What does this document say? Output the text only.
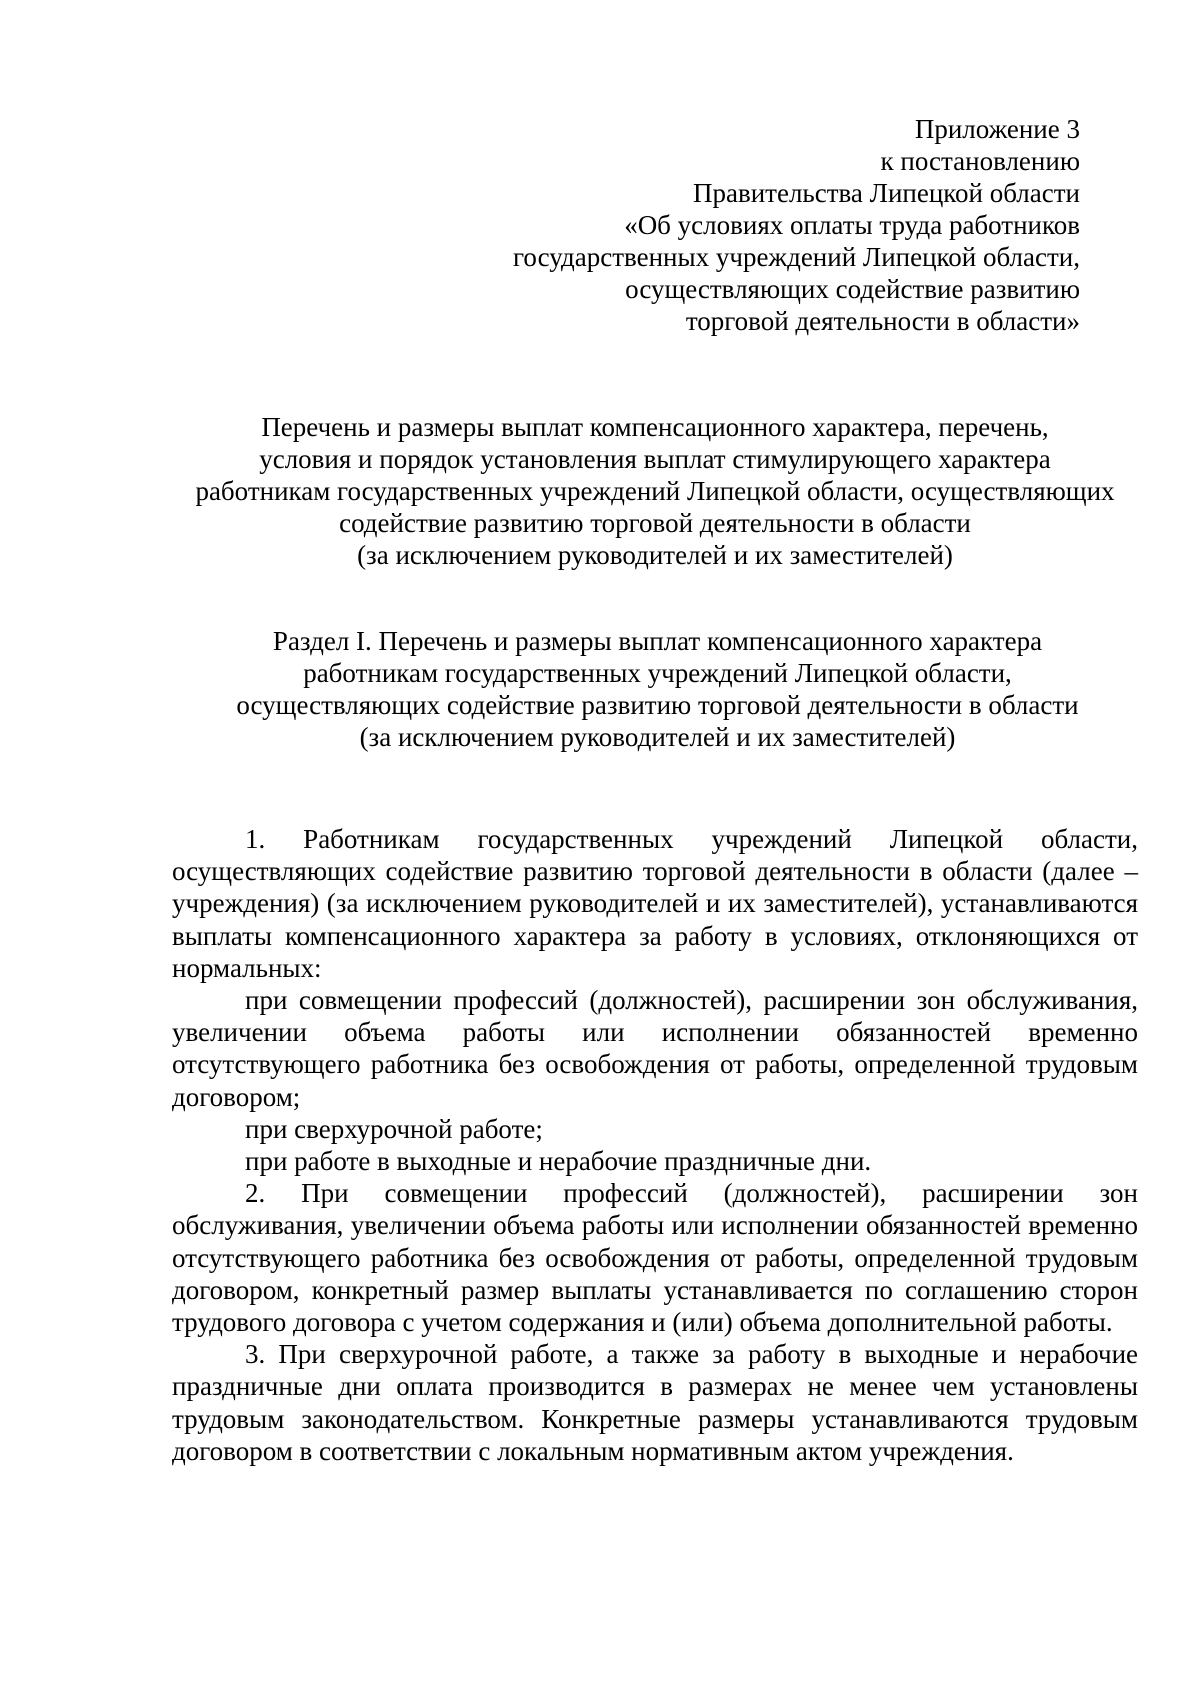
Приложение 3
к постановлению
Правительства Липецкой области
«Об условиях оплаты труда работников
государственных учреждений Липецкой области,
осуществляющих содействие развитию
торговой деятельности в области»
Перечень и размеры выплат компенсационного характера, перечень,
условия и порядок установления выплат стимулирующего характера
работникам государственных учреждений Липецкой области, осуществляющих
содействие развитию торговой деятельности в области
(за исключением руководителей и их заместителей)
Раздел I. Перечень и размеры выплат компенсационного характера
работникам государственных учреждений Липецкой области,
осуществляющих содействие развитию торговой деятельности в области
(за исключением руководителей и их заместителей)

1. Работникам государственных учреждений Липецкой области, осуществляющих содействие развитию торговой деятельности в области (далее – учреждения) (за исключением руководителей и их заместителей), устанавливаются выплаты компенсационного характера за работу в условиях, отклоняющихся от нормальных:

при совмещении профессий (должностей), расширении зон обслуживания, увеличении объема работы или исполнении обязанностей временно отсутствующего работника без освобождения от работы, определенной трудовым договором;

при сверхурочной работе;

при работе в выходные и нерабочие праздничные дни.

2. При совмещении профессий (должностей), расширении зон обслуживания, увеличении объема работы или исполнении обязанностей временно отсутствующего работника без освобождения от работы, определенной трудовым договором, конкретный размер выплаты устанавливается по соглашению сторон трудового договора с учетом содержания и (или) объема дополнительной работы.

3. При сверхурочной работе, а также за работу в выходные и нерабочие праздничные дни оплата производится в размерах не менее чем установлены трудовым законодательством. Конкретные размеры устанавливаются трудовым договором в соответствии с локальным нормативным актом учреждения.
